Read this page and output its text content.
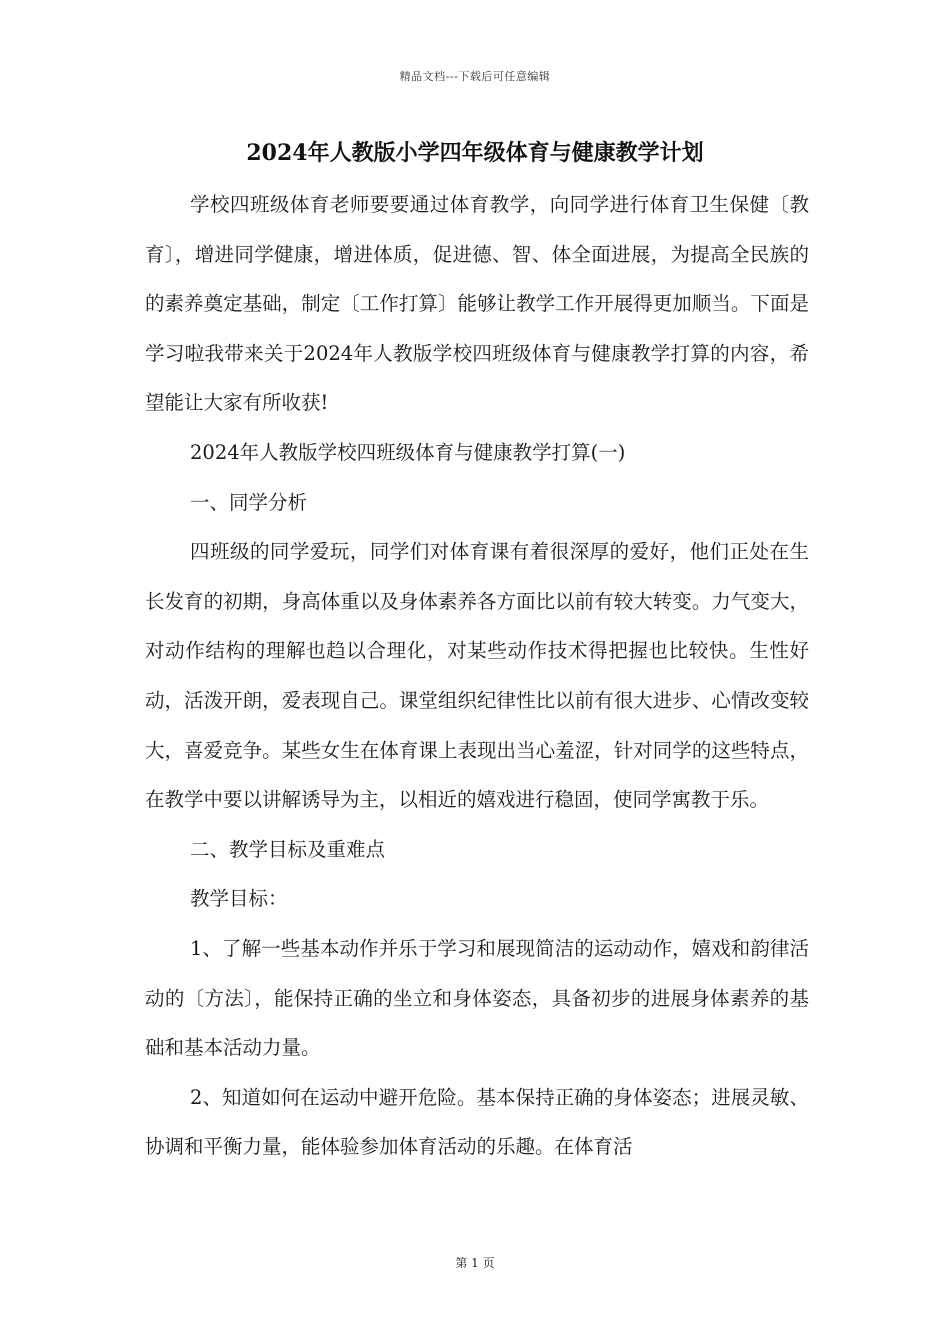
精品文档---下载后可任意编辑
2024年人教版小学四年级体育与健康教学计划

学校四班级体育老师要要通过体育教学，向同学进行体育卫生保健〔教育〕，增进同学健康，增进体质，促进德、智、体全面进展，为提高全民族的的素养奠定基础，制定〔工作打算〕能够让教学工作开展得更加顺当。下面是学习啦我带来关于2024年人教版学校四班级体育与健康教学打算的内容，希望能让大家有所收获!

2024年人教版学校四班级体育与健康教学打算(一)

一、同学分析

四班级的同学爱玩，同学们对体育课有着很深厚的爱好，他们正处在生长发育的初期，身高体重以及身体素养各方面比以前有较大转变。力气变大，对动作结构的理解也趋以合理化，对某些动作技术得把握也比较快。生性好动，活泼开朗，爱表现自己。课堂组织纪律性比以前有很大进步、心情改变较大，喜爱竞争。某些女生在体育课上表现出当心羞涩，针对同学的这些特点，在教学中要以讲解诱导为主，以相近的嬉戏进行稳固，使同学寓教于乐。

二、教学目标及重难点

教学目标：

1、了解一些基本动作并乐于学习和展现简洁的运动动作，嬉戏和韵律活动的〔方法〕，能保持正确的坐立和身体姿态，具备初步的进展身体素养的基础和基本活动力量。

2、知道如何在运动中避开危险。基本保持正确的身体姿态；进展灵敏、协调和平衡力量，能体验参加体育活动的乐趣。在体育活

第 1 页
